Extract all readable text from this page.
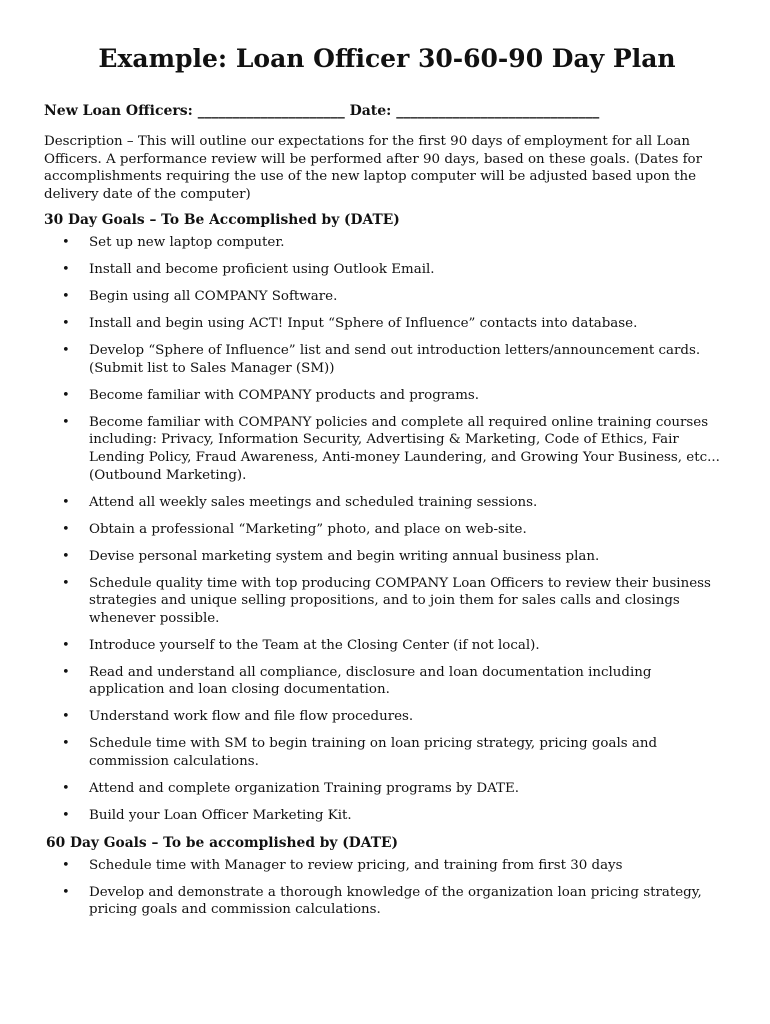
Example: Loan Officer 30-60-90 Day Plan
New Loan Officers: _____________________ Date: _____________________________

Description – This will outline our expectations for the first 90 days of employment for all Loan Officers. A performance review will be performed after 90 days, based on these goals. (Dates for accomplishments requiring the use of the new laptop computer will be adjusted based upon the delivery date of the computer)

30 Day Goals – To Be Accomplished by (DATE)
• Set up new laptop computer.
• Install and become proficient using Outlook Email.
• Begin using all COMPANY Software.
• Install and begin using ACT! Input “Sphere of Influence” contacts into database.
• Develop “Sphere of Influence” list and send out introduction letters/announcement cards. (Submit list to Sales Manager (SM))
• Become familiar with COMPANY products and programs.
• Become familiar with COMPANY policies and complete all required online training courses including: Privacy, Information Security, Advertising & Marketing, Code of Ethics, Fair Lending Policy, Fraud Awareness, Anti-money Laundering, and Growing Your Business, etc... (Outbound Marketing).
• Attend all weekly sales meetings and scheduled training sessions.
• Obtain a professional “Marketing” photo, and place on web-site.
• Devise personal marketing system and begin writing annual business plan.
• Schedule quality time with top producing COMPANY Loan Officers to review their business strategies and unique selling propositions, and to join them for sales calls and closings whenever possible.
• Introduce yourself to the Team at the Closing Center (if not local).
• Read and understand all compliance, disclosure and loan documentation including application and loan closing documentation.
• Understand work flow and file flow procedures.
• Schedule time with SM to begin training on loan pricing strategy, pricing goals and commission calculations.
• Attend and complete organization Training programs by DATE.
• Build your Loan Officer Marketing Kit.
60 Day Goals – To be accomplished by (DATE)
• Schedule time with Manager to review pricing, and training from first 30 days
• Develop and demonstrate a thorough knowledge of the organization loan pricing strategy, pricing goals and commission calculations.
